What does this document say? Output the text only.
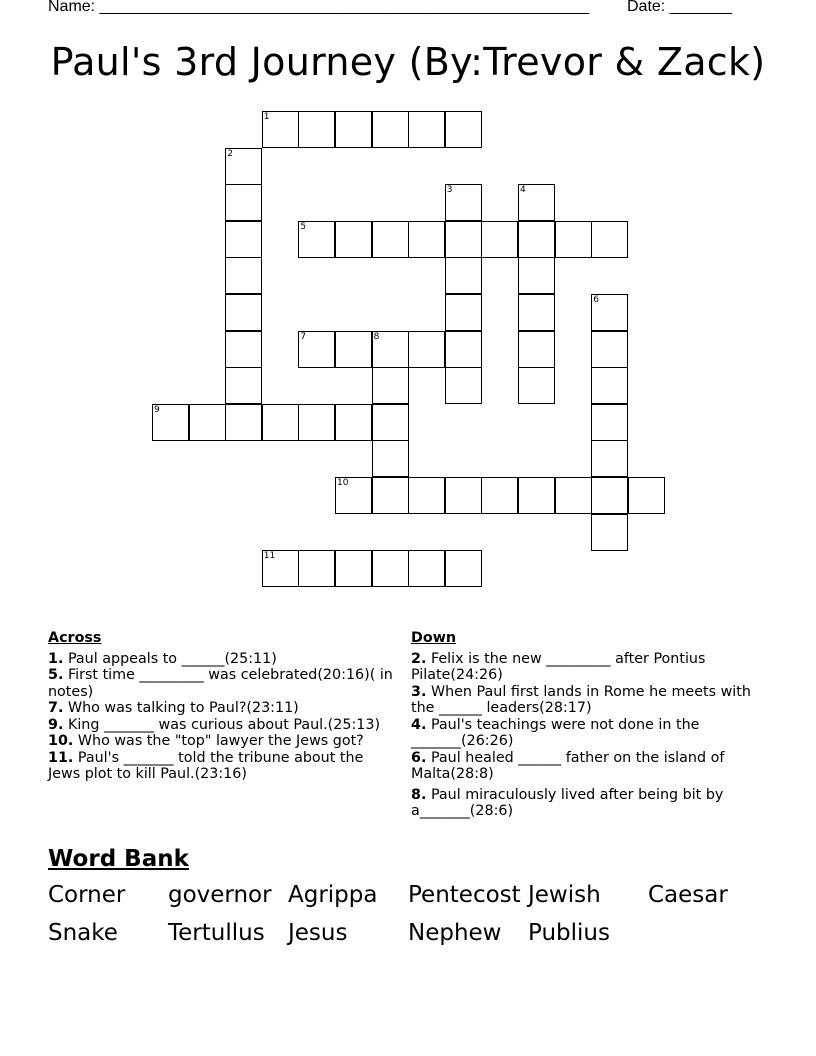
Name: _______________________________________________________ Date: _______
Paul's 3rd Journey (By:Trevor & Zack)
1
2
3	4
5
6
7	8
9
10
11
Across
1. Paul appeals to ______(25:11)
5. First time _________ was celebrated(20:16)( in notes)
7. Who was talking to Paul?(23:11)
9. King _______ was curious about Paul.(25:13)
10. Who was the "top" lawyer the Jews got?
11. Paul's _______ told the tribune about the Jews plot to kill Paul.(23:16)
Down
2. Felix is the new _________ after Pontius Pilate(24:26)
3. When Paul first lands in Rome he meets with the ______ leaders(28:17)
4. Paul's teachings were not done in the _______(26:26)
6. Paul healed ______ father on the island of Malta(28:8)
8. Paul miraculously lived after being bit by a_______(28:6)
Word Bank
Corner governor Agrippa Pentecost Jewish Caesar
Snake Tertullus Jesus	Nephew Publius
